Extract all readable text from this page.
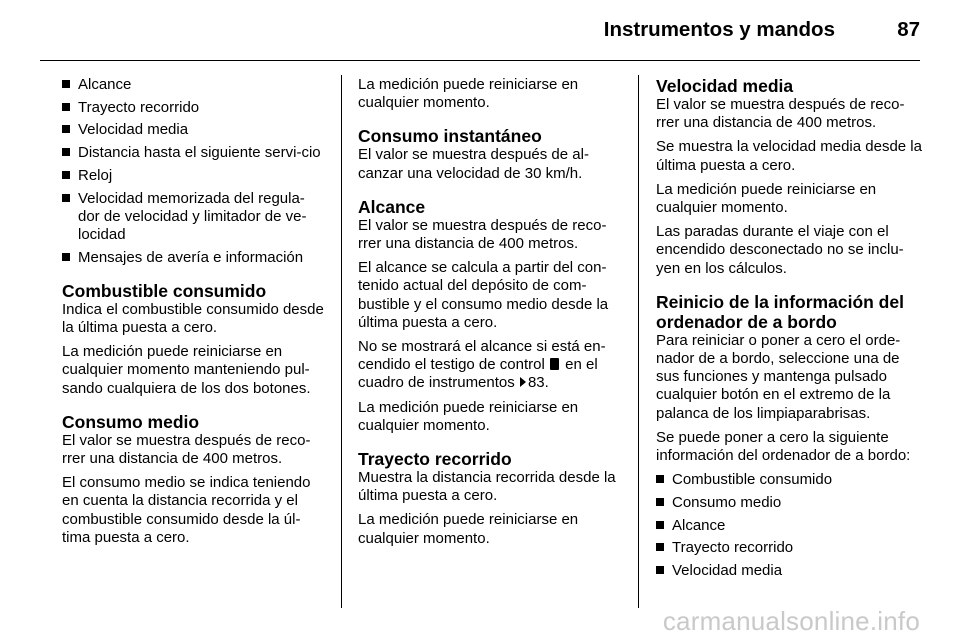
Instrumentos y mandos	87
Alcance
Trayecto recorrido
Velocidad media
Distancia hasta el siguiente servi-cio
Reloj
Velocidad memorizada del regula-dor de velocidad y limitador de ve-locidad
Mensajes de avería e información
Combustible consumido

Indica el combustible consumido desde la última puesta a cero.

La medición puede reiniciarse en cualquier momento manteniendo pul-sando cualquiera de los dos botones.

Consumo medio

El valor se muestra después de reco-rrer una distancia de 400 metros.

El consumo medio se indica teniendo en cuenta la distancia recorrida y el combustible consumido desde la úl-tima puesta a cero.

La medición puede reiniciarse en cualquier momento.

Consumo instantáneo

El valor se muestra después de al-canzar una velocidad de 30 km/h.

Alcance

El valor se muestra después de reco-rrer una distancia de 400 metros.

El alcance se calcula a partir del con-tenido actual del depósito de com-bustible y el consumo medio desde la última puesta a cero.

No se mostrará el alcance si está en-cendido el testigo de control en el cuadro de instrumentos 83.

La medición puede reiniciarse en cualquier momento.

Trayecto recorrido

Muestra la distancia recorrida desde la última puesta a cero.

La medición puede reiniciarse en cualquier momento.

Velocidad media

El valor se muestra después de reco-rrer una distancia de 400 metros.

Se muestra la velocidad media desde la última puesta a cero.

La medición puede reiniciarse en cualquier momento.

Las paradas durante el viaje con el encendido desconectado no se inclu-yen en los cálculos.

Reinicio de la información del ordenador de a bordo

Para reiniciar o poner a cero el orde-nador de a bordo, seleccione una de sus funciones y mantenga pulsado cualquier botón en el extremo de la palanca de los limpiaparabrisas.

Se puede poner a cero la siguiente información del ordenador de a bordo:

Combustible consumido
Consumo medio
Alcance
Trayecto recorrido
Velocidad media
carmanualsonline.info
